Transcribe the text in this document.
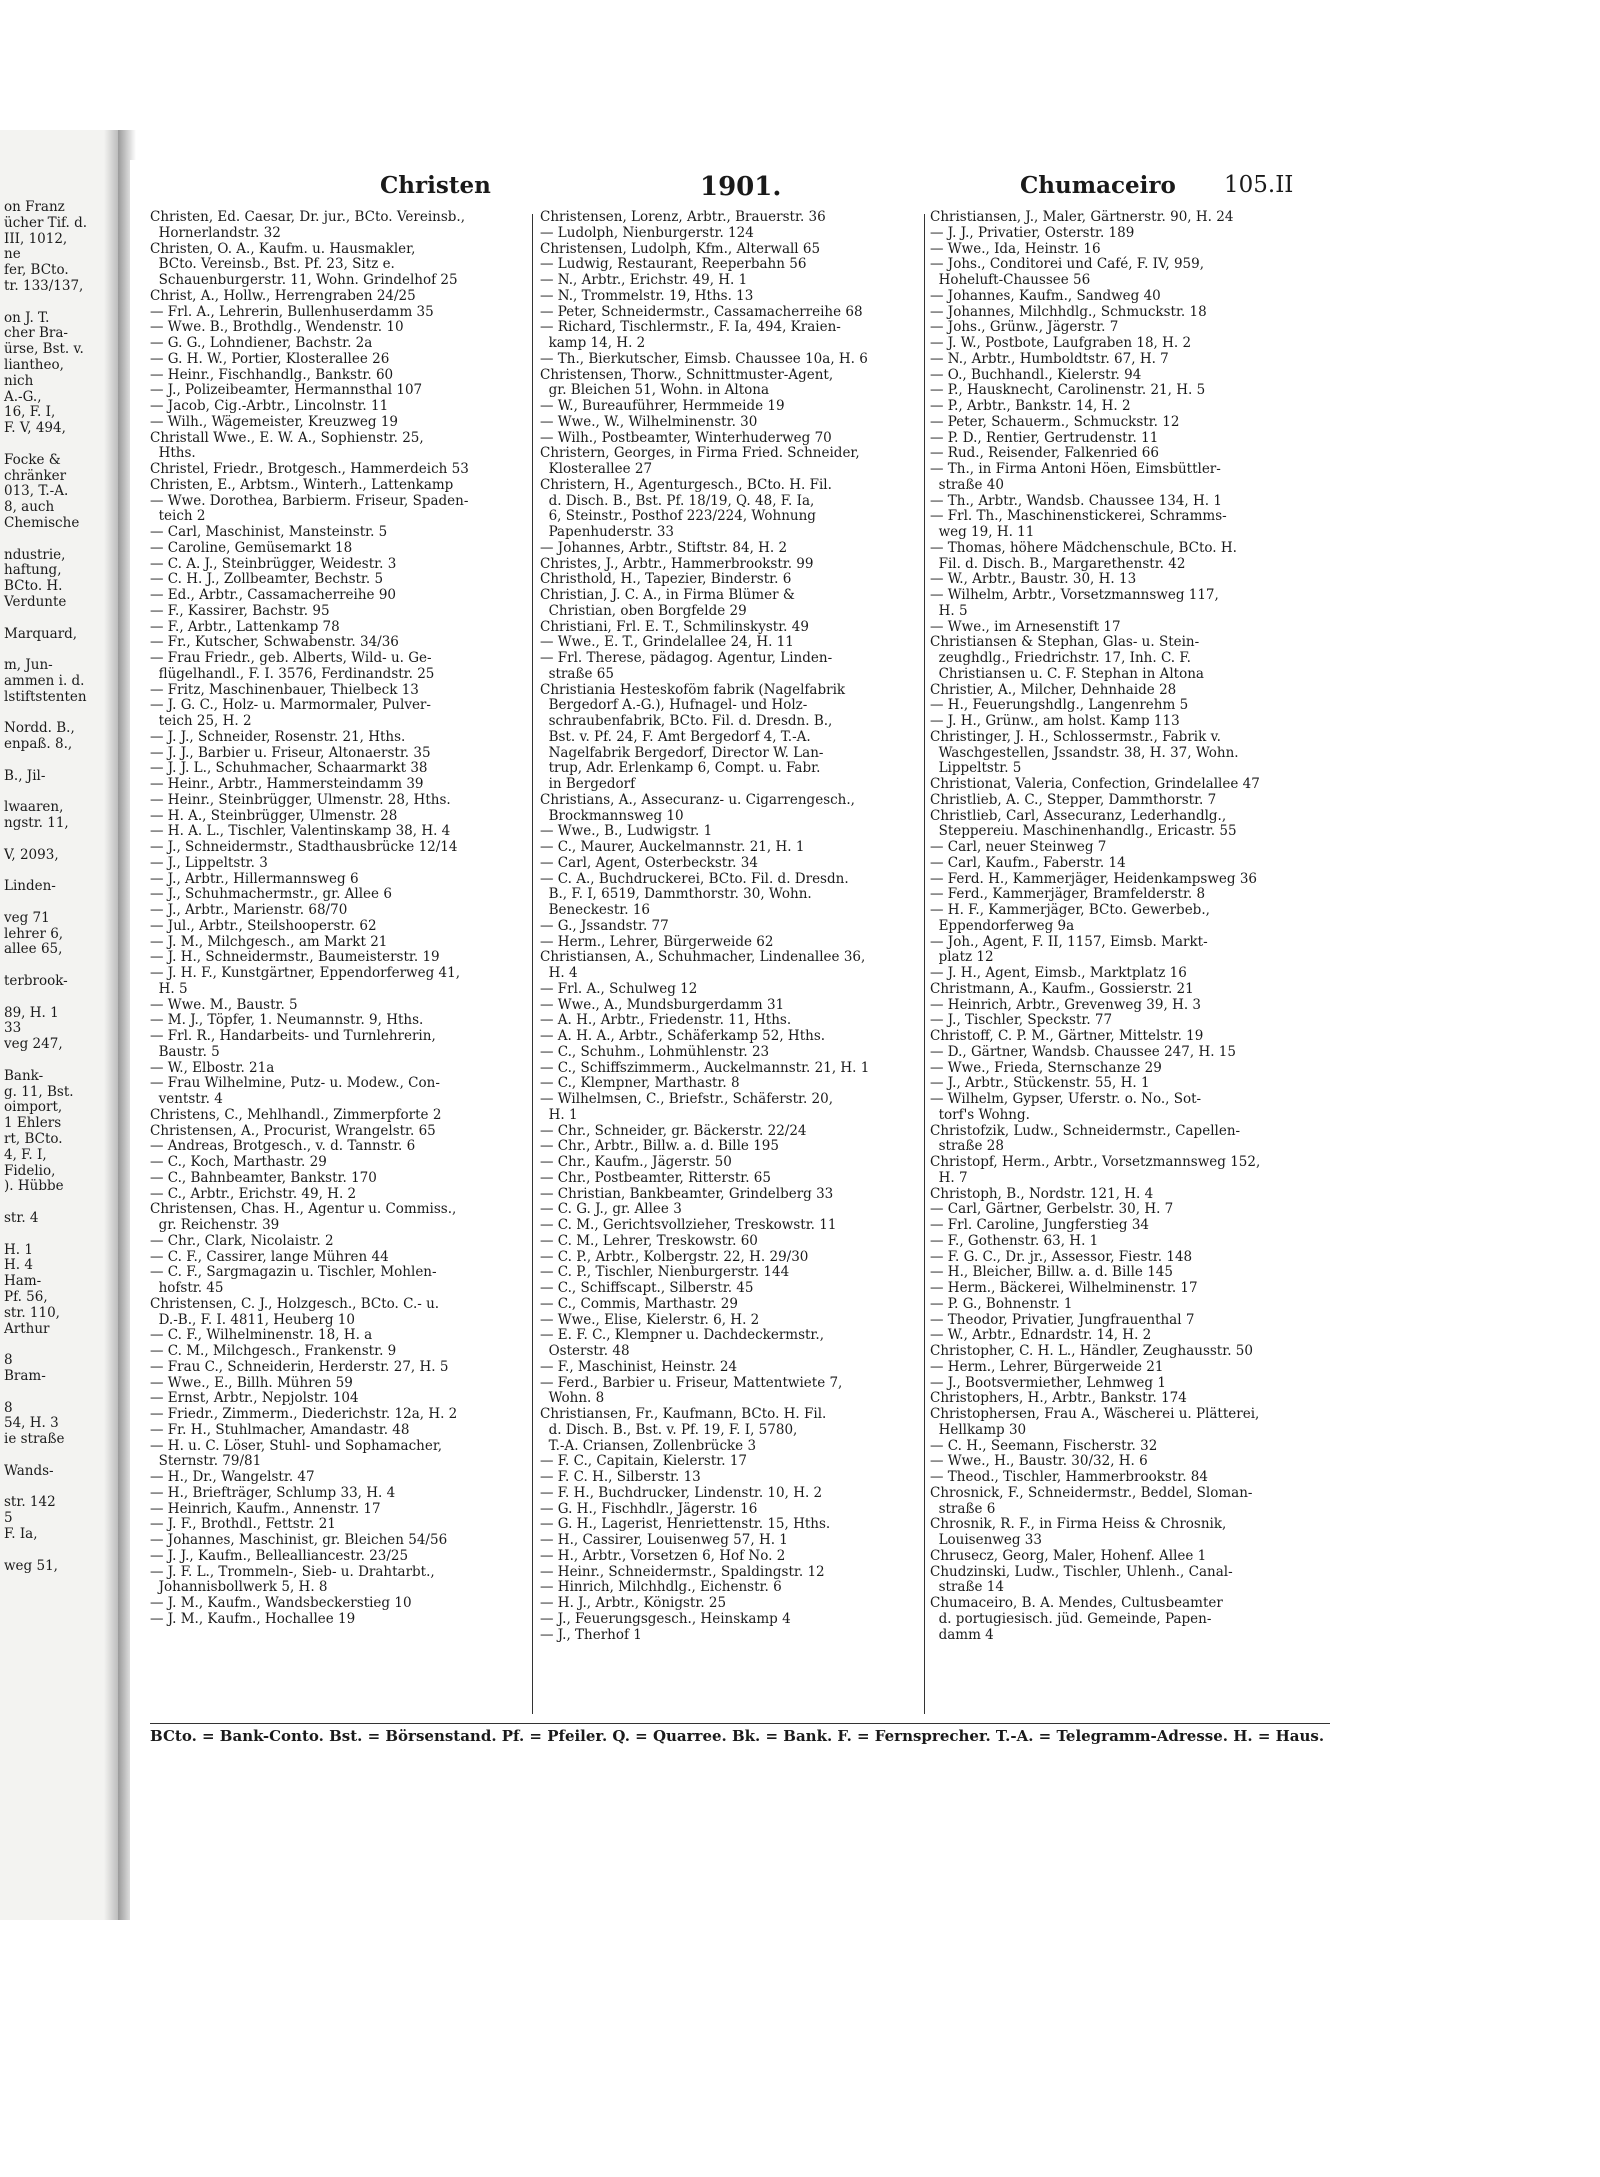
on Franz
ücher Tif. d.
III, 1012,
ne
fer, BCto.
tr. 133/137,

on J. T.
cher Bra-
ürse, Bst. v.
liantheo,
nich
A.-G.,
16, F. I,
F. V, 494,

Focke &
chränker
013, T.-A.
8, auch
Chemische

ndustrie,
haftung,
BCto. H.
Verdunte

Marquard,

m, Jun-
ammen i. d.
lstiftstenten

Nordd. B.,
enpaß. 8.,

B., Jil-

lwaaren,
ngstr. 11,

V, 2093,

Linden-

veg 71
lehrer 6,
allee 65,

terbrook-

89, H. 1
33
veg 247,

Bank-
g. 11, Bst.
oimport,
1 Ehlers
rt, BCto.
4, F. I,
Fidelio,
). Hübbe

str. 4

H. 1
H. 4
Ham-
Pf. 56,
str. 110,
Arthur

8
Bram-

8
54, H. 3
ie straße

Wands-

str. 142
5
F. Ia,

weg 51,
Christen	1901.	Chumaceiro 105.II
Christen, Ed. Caesar, Dr. jur., BCto. Vereinsb.,
Hornerlandstr. 32
Christen, O. A., Kaufm. u. Hausmakler,
BCto. Vereinsb., Bst. Pf. 23, Sitz e.
Schauenburgerstr. 11, Wohn. Grindelhof 25
Christ, A., Hollw., Herrengraben 24/25
— Frl. A., Lehrerin, Bullenhuserdamm 35
— Wwe. B., Brothdlg., Wendenstr. 10
— G. G., Lohndiener, Bachstr. 2a
— G. H. W., Portier, Klosterallee 26
— Heinr., Fischhandlg., Bankstr. 60
— J., Polizeibeamter, Hermannsthal 107
— Jacob, Cig.-Arbtr., Lincolnstr. 11
— Wilh., Wägemeister, Kreuzweg 19
Christall Wwe., E. W. A., Sophienstr. 25,
Hths.
Christel, Friedr., Brotgesch., Hammerdeich 53
Christen, E., Arbtsm., Winterh., Lattenkamp
— Wwe. Dorothea, Barbierm. Friseur, Spaden-
teich 2
— Carl, Maschinist, Mansteinstr. 5
— Caroline, Gemüsemarkt 18
— C. A. J., Steinbrügger, Weidestr. 3
— C. H. J., Zollbeamter, Bechstr. 5
— Ed., Arbtr., Cassamacherreihe 90
— F., Kassirer, Bachstr. 95
— F., Arbtr., Lattenkamp 78
— Fr., Kutscher, Schwabenstr. 34/36
— Frau Friedr., geb. Alberts, Wild- u. Ge-
flügelhandl., F. I. 3576, Ferdinandstr. 25
— Fritz, Maschinenbauer, Thielbeck 13
— J. G. C., Holz- u. Marmormaler, Pulver-
teich 25, H. 2
— J. J., Schneider, Rosenstr. 21, Hths.
— J. J., Barbier u. Friseur, Altonaerstr. 35
— J. J. L., Schuhmacher, Schaarmarkt 38
— Heinr., Arbtr., Hammersteindamm 39
— Heinr., Steinbrügger, Ulmenstr. 28, Hths.
— H. A., Steinbrügger, Ulmenstr. 28
— H. A. L., Tischler, Valentinskamp 38, H. 4
— J., Schneidermstr., Stadthausbrücke 12/14
— J., Lippeltstr. 3
— J., Arbtr., Hillermannsweg 6
— J., Schuhmachermstr., gr. Allee 6
— J., Arbtr., Marienstr. 68/70
— Jul., Arbtr., Steilshooperstr. 62
— J. M., Milchgesch., am Markt 21
— J. H., Schneidermstr., Baumeisterstr. 19
— J. H. F., Kunstgärtner, Eppendorferweg 41,
H. 5
— Wwe. M., Baustr. 5
— M. J., Töpfer, 1. Neumannstr. 9, Hths.
— Frl. R., Handarbeits- und Turnlehrerin,
Baustr. 5
— W., Elbostr. 21a
— Frau Wilhelmine, Putz- u. Modew., Con-
ventstr. 4
Christens, C., Mehlhandl., Zimmerpforte 2
Christensen, A., Procurist, Wrangelstr. 65
— Andreas, Brotgesch., v. d. Tannstr. 6
— C., Koch, Marthastr. 29
— C., Bahnbeamter, Bankstr. 170
— C., Arbtr., Erichstr. 49, H. 2
Christensen, Chas. H., Agentur u. Commiss.,
gr. Reichenstr. 39
— Chr., Clark, Nicolaistr. 2
— C. F., Cassirer, lange Mühren 44
— C. F., Sargmagazin u. Tischler, Mohlen-
hofstr. 45
Christensen, C. J., Holzgesch., BCto. C.- u.
D.-B., F. I. 4811, Heuberg 10
— C. F., Wilhelminenstr. 18, H. a
— C. M., Milchgesch., Frankenstr. 9
— Frau C., Schneiderin, Herderstr. 27, H. 5
— Wwe., E., Billh. Mühren 59
— Ernst, Arbtr., Nepjolstr. 104
— Friedr., Zimmerm., Diederichstr. 12a, H. 2
— Fr. H., Stuhlmacher, Amandastr. 48
— H. u. C. Löser, Stuhl- und Sophamacher,
Sternstr. 79/81
— H., Dr., Wangelstr. 47
— H., Briefträger, Schlump 33, H. 4
— Heinrich, Kaufm., Annenstr. 17
— J. F., Brothdl., Fettstr. 21
— Johannes, Maschinist, gr. Bleichen 54/56
— J. J., Kaufm., Bellealliancestr. 23/25
— J. F. L., Trommeln-, Sieb- u. Drahtarbt.,
Johannisbollwerk 5, H. 8
— J. M., Kaufm., Wandsbeckerstieg 10
— J. M., Kaufm., Hochallee 19
Christensen, Lorenz, Arbtr., Brauerstr. 36
— Ludolph, Nienburgerstr. 124
Christensen, Ludolph, Kfm., Alterwall 65
— Ludwig, Restaurant, Reeperbahn 56
— N., Arbtr., Erichstr. 49, H. 1
— N., Trommelstr. 19, Hths. 13
— Peter, Schneidermstr., Cassamacherreihe 68
— Richard, Tischlermstr., F. Ia, 494, Kraien-
kamp 14, H. 2
— Th., Bierkutscher, Eimsb. Chaussee 10a, H. 6
Christensen, Thorw., Schnittmuster-Agent,
gr. Bleichen 51, Wohn. in Altona
— W., Bureauführer, Hermmeide 19
— Wwe., W., Wilhelminenstr. 30
— Wilh., Postbeamter, Winterhuderweg 70
Christern, Georges, in Firma Fried. Schneider,
Klosterallee 27
Christern, H., Agenturgesch., BCto. H. Fil.
d. Disch. B., Bst. Pf. 18/19, Q. 48, F. Ia,
6, Steinstr., Posthof 223/224, Wohnung
Papenhuderstr. 33
— Johannes, Arbtr., Stiftstr. 84, H. 2
Christes, J., Arbtr., Hammerbrookstr. 99
Christhold, H., Tapezier, Binderstr. 6
Christian, J. C. A., in Firma Blümer &
Christian, oben Borgfelde 29
Christiani, Frl. E. T., Schmilinskystr. 49
— Wwe., E. T., Grindelallee 24, H. 11
— Frl. Therese, pädagog. Agentur, Linden-
straße 65
Christiania Hesteskoföm fabrik (Nagelfabrik
Bergedorf A.-G.), Hufnagel- und Holz-
schraubenfabrik, BCto. Fil. d. Dresdn. B.,
Bst. v. Pf. 24, F. Amt Bergedorf 4, T.-A.
Nagelfabrik Bergedorf, Director W. Lan-
trup, Adr. Erlenkamp 6, Compt. u. Fabr.
in Bergedorf
Christians, A., Assecuranz- u. Cigarrengesch.,
Brockmannsweg 10
— Wwe., B., Ludwigstr. 1
— C., Maurer, Auckelmannstr. 21, H. 1
— Carl, Agent, Osterbeckstr. 34
— C. A., Buchdruckerei, BCto. Fil. d. Dresdn.
B., F. I, 6519, Dammthorstr. 30, Wohn.
Beneckestr. 16
— G., Jssandstr. 77
— Herm., Lehrer, Bürgerweide 62
Christiansen, A., Schuhmacher, Lindenallee 36,
H. 4
— Frl. A., Schulweg 12
— Wwe., A., Mundsburgerdamm 31
— A. H., Arbtr., Friedenstr. 11, Hths.
— A. H. A., Arbtr., Schäferkamp 52, Hths.
— C., Schuhm., Lohmühlenstr. 23
— C., Schiffszimmerm., Auckelmannstr. 21, H. 1
— C., Klempner, Marthastr. 8
— Wilhelmsen, C., Briefstr., Schäferstr. 20,
H. 1
— Chr., Schneider, gr. Bäckerstr. 22/24
— Chr., Arbtr., Billw. a. d. Bille 195
— Chr., Kaufm., Jägerstr. 50
— Chr., Postbeamter, Ritterstr. 65
— Christian, Bankbeamter, Grindelberg 33
— C. G. J., gr. Allee 3
— C. M., Gerichtsvollzieher, Treskowstr. 11
— C. M., Lehrer, Treskowstr. 60
— C. P., Arbtr., Kolbergstr. 22, H. 29/30
— C. P., Tischler, Nienburgerstr. 144
— C., Schiffscapt., Silberstr. 45
— C., Commis, Marthastr. 29
— Wwe., Elise, Kielerstr. 6, H. 2
— E. F. C., Klempner u. Dachdeckermstr.,
Osterstr. 48
— F., Maschinist, Heinstr. 24
— Ferd., Barbier u. Friseur, Mattentwiete 7,
Wohn. 8
Christiansen, Fr., Kaufmann, BCto. H. Fil.
d. Disch. B., Bst. v. Pf. 19, F. I, 5780,
T.-A. Criansen, Zollenbrücke 3
— F. C., Capitain, Kielerstr. 17
— F. C. H., Silberstr. 13
— F. H., Buchdrucker, Lindenstr. 10, H. 2
— G. H., Fischhdlr., Jägerstr. 16
— G. H., Lagerist, Henriettenstr. 15, Hths.
— H., Cassirer, Louisenweg 57, H. 1
— H., Arbtr., Vorsetzen 6, Hof No. 2
— Heinr., Schneidermstr., Spaldingstr. 12
— Hinrich, Milchhdlg., Eichenstr. 6
— H. J., Arbtr., Königstr. 25
— J., Feuerungsgesch., Heinskamp 4
— J., Therhof 1
Christiansen, J., Maler, Gärtnerstr. 90, H. 24
— J. J., Privatier, Osterstr. 189
— Wwe., Ida, Heinstr. 16
— Johs., Conditorei und Café, F. IV, 959,
Hoheluft-Chaussee 56
— Johannes, Kaufm., Sandweg 40
— Johannes, Milchhdlg., Schmuckstr. 18
— Johs., Grünw., Jägerstr. 7
— J. W., Postbote, Laufgraben 18, H. 2
— N., Arbtr., Humboldtstr. 67, H. 7
— O., Buchhandl., Kielerstr. 94
— P., Hausknecht, Carolinenstr. 21, H. 5
— P., Arbtr., Bankstr. 14, H. 2
— Peter, Schauerm., Schmuckstr. 12
— P. D., Rentier, Gertrudenstr. 11
— Rud., Reisender, Falkenried 66
— Th., in Firma Antoni Höen, Eimsbüttler-
straße 40
— Th., Arbtr., Wandsb. Chaussee 134, H. 1
— Frl. Th., Maschinenstickerei, Schramms-
weg 19, H. 11
— Thomas, höhere Mädchenschule, BCto. H.
Fil. d. Disch. B., Margarethenstr. 42
— W., Arbtr., Baustr. 30, H. 13
— Wilhelm, Arbtr., Vorsetzmannsweg 117,
H. 5
— Wwe., im Arnesenstift 17
Christiansen & Stephan, Glas- u. Stein-
zeughdlg., Friedrichstr. 17, Inh. C. F.
Christiansen u. C. F. Stephan in Altona
Christier, A., Milcher, Dehnhaide 28
— H., Feuerungshdlg., Langenrehm 5
— J. H., Grünw., am holst. Kamp 113
Christinger, J. H., Schlossermstr., Fabrik v.
Waschgestellen, Jssandstr. 38, H. 37, Wohn.
Lippeltstr. 5
Christionat, Valeria, Confection, Grindelallee 47
Christlieb, A. C., Stepper, Dammthorstr. 7
Christlieb, Carl, Assecuranz, Lederhandlg.,
Steppereiu. Maschinenhandlg., Ericastr. 55
— Carl, neuer Steinweg 7
— Carl, Kaufm., Faberstr. 14
— Ferd. H., Kammerjäger, Heidenkampsweg 36
— Ferd., Kammerjäger, Bramfelderstr. 8
— H. F., Kammerjäger, BCto. Gewerbeb.,
Eppendorferweg 9a
— Joh., Agent, F. II, 1157, Eimsb. Markt-
platz 12
— J. H., Agent, Eimsb., Marktplatz 16
Christmann, A., Kaufm., Gossierstr. 21
— Heinrich, Arbtr., Grevenweg 39, H. 3
— J., Tischler, Speckstr. 77
Christoff, C. P. M., Gärtner, Mittelstr. 19
— D., Gärtner, Wandsb. Chaussee 247, H. 15
— Wwe., Frieda, Sternschanze 29
— J., Arbtr., Stückenstr. 55, H. 1
— Wilhelm, Gypser, Uferstr. o. No., Sot-
torf's Wohng.
Christofzik, Ludw., Schneidermstr., Capellen-
straße 28
Christopf, Herm., Arbtr., Vorsetzmannsweg 152,
H. 7
Christoph, B., Nordstr. 121, H. 4
— Carl, Gärtner, Gerbelstr. 30, H. 7
— Frl. Caroline, Jungferstieg 34
— F., Gothenstr. 63, H. 1
— F. G. C., Dr. jr., Assessor, Fiestr. 148
— H., Bleicher, Billw. a. d. Bille 145
— Herm., Bäckerei, Wilhelminenstr. 17
— P. G., Bohnenstr. 1
— Theodor, Privatier, Jungfrauenthal 7
— W., Arbtr., Ednardstr. 14, H. 2
Christopher, C. H. L., Händler, Zeughausstr. 50
— Herm., Lehrer, Bürgerweide 21
— J., Bootsvermiether, Lehmweg 1
Christophers, H., Arbtr., Bankstr. 174
Christophersen, Frau A., Wäscherei u. Plätterei,
Hellkamp 30
— C. H., Seemann, Fischerstr. 32
— Wwe., H., Baustr. 30/32, H. 6
— Theod., Tischler, Hammerbrookstr. 84
Chrosnick, F., Schneidermstr., Beddel, Sloman-
straße 6
Chrosnik, R. F., in Firma Heiss & Chrosnik,
Louisenweg 33
Chrusecz, Georg, Maler, Hohenf. Allee 1
Chudzinski, Ludw., Tischler, Uhlenh., Canal-
straße 14
Chumaceiro, B. A. Mendes, Cultusbeamter
d. portugiesisch. jüd. Gemeinde, Papen-
damm 4
BCto. = Bank-Conto. Bst. = Börsenstand. Pf. = Pfeiler. Q. = Quarree. Bk. = Bank. F. = Fernsprecher. T.-A. = Telegramm-Adresse. H. = Haus.
